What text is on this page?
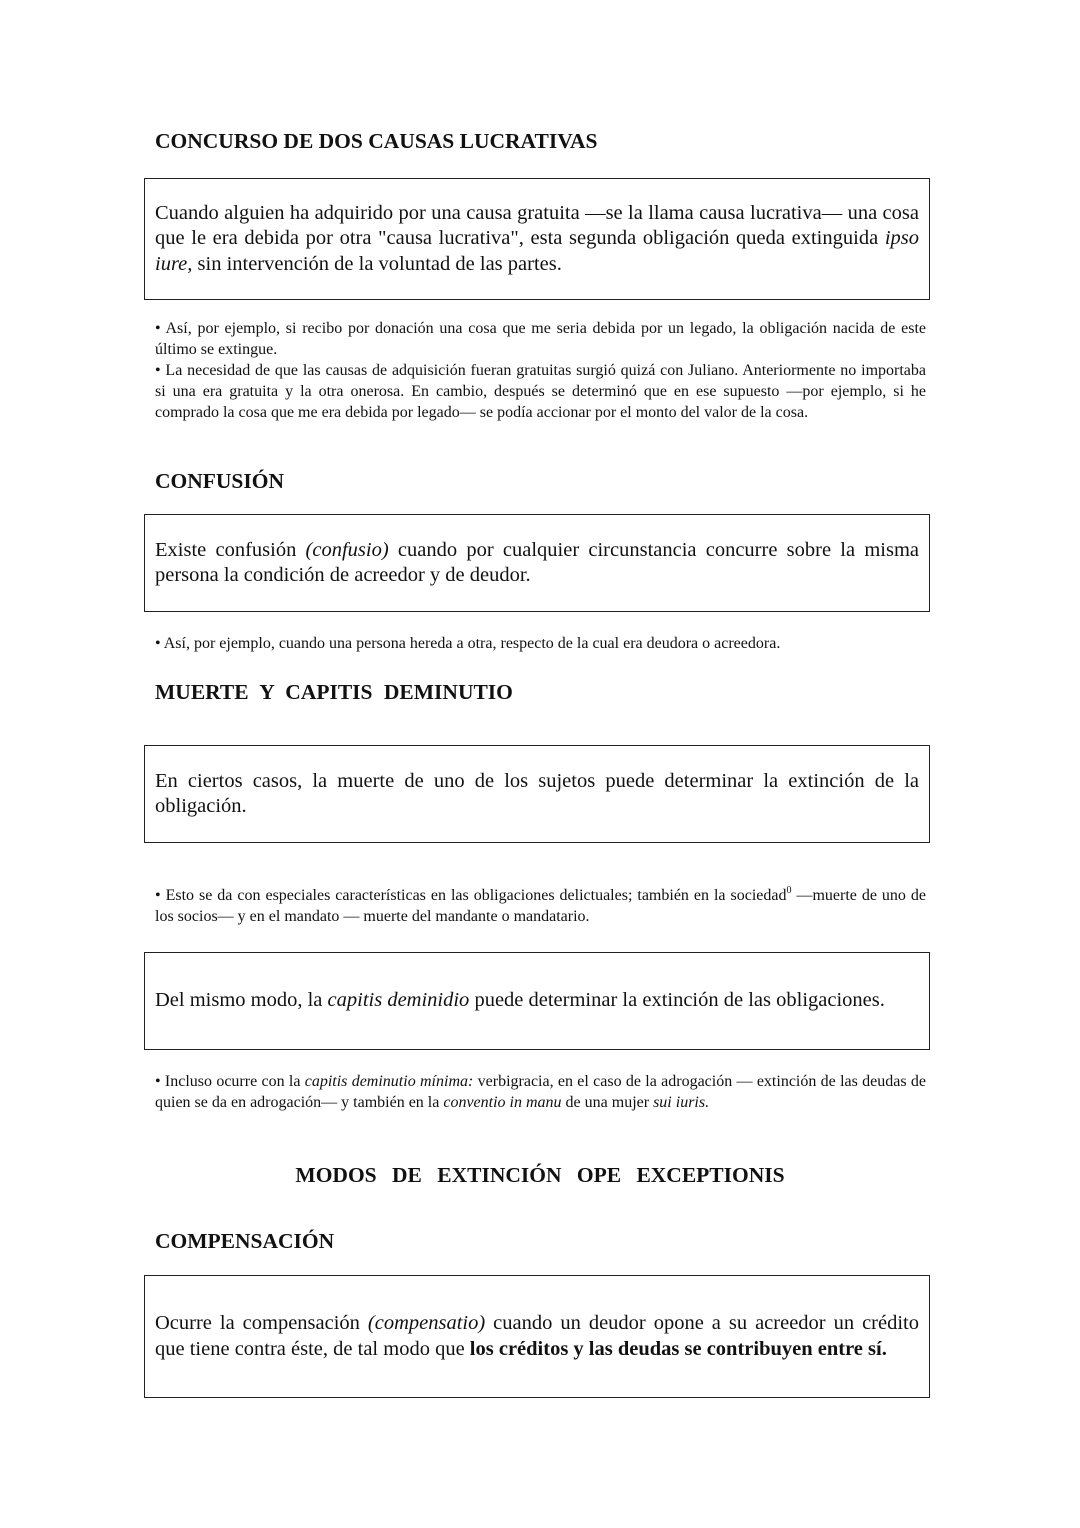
CONCURSO DE DOS CAUSAS LUCRATIVAS

Cuando alguien ha adquirido por una causa gratuita —se la llama causa lucrativa— una cosa que le era debida por otra "causa lucrativa", esta segunda obligación queda extinguida ipso iure, sin intervención de la voluntad de las partes.

• Así, por ejemplo, si recibo por donación una cosa que me seria debida por un legado, la obligación nacida de este último se extingue.

• La necesidad de que las causas de adquisición fueran gratuitas surgió quizá con Juliano. Anteriormente no importaba si una era gratuita y la otra onerosa. En cambio, después se determinó que en ese supuesto —por ejemplo, si he comprado la cosa que me era debida por legado— se podía accionar por el monto del valor de la cosa.

CONFUSIÓN

Existe confusión (confusio) cuando por cualquier circunstancia concurre sobre la misma persona la condición de acreedor y de deudor.

• Así, por ejemplo, cuando una persona hereda a otra, respecto de la cual era deudora o acreedora.

MUERTE Y CAPITIS DEMINUTIO

En ciertos casos, la muerte de uno de los sujetos puede determinar la extinción de la obligación.

• Esto se da con especiales características en las obligaciones delictuales; también en la sociedad$^0$ —muerte de uno de los socios— y en el mandato — muerte del mandante o mandatario.

Del mismo modo, la capitis deminidio puede determinar la extinción de las obligaciones.

• Incluso ocurre con la capitis deminutio mínima: verbigracia, en el caso de la adrogación — extinción de las deudas de quien se da en adrogación— y también en la conventio in manu de una mujer sui iuris.

MODOS DE EXTINCIÓN OPE EXCEPTIONIS
COMPENSACIÓN

Ocurre la compensación (compensatio) cuando un deudor opone a su acreedor un crédito que tiene contra éste, de tal modo que los créditos y las deudas se contribuyen entre sí.
